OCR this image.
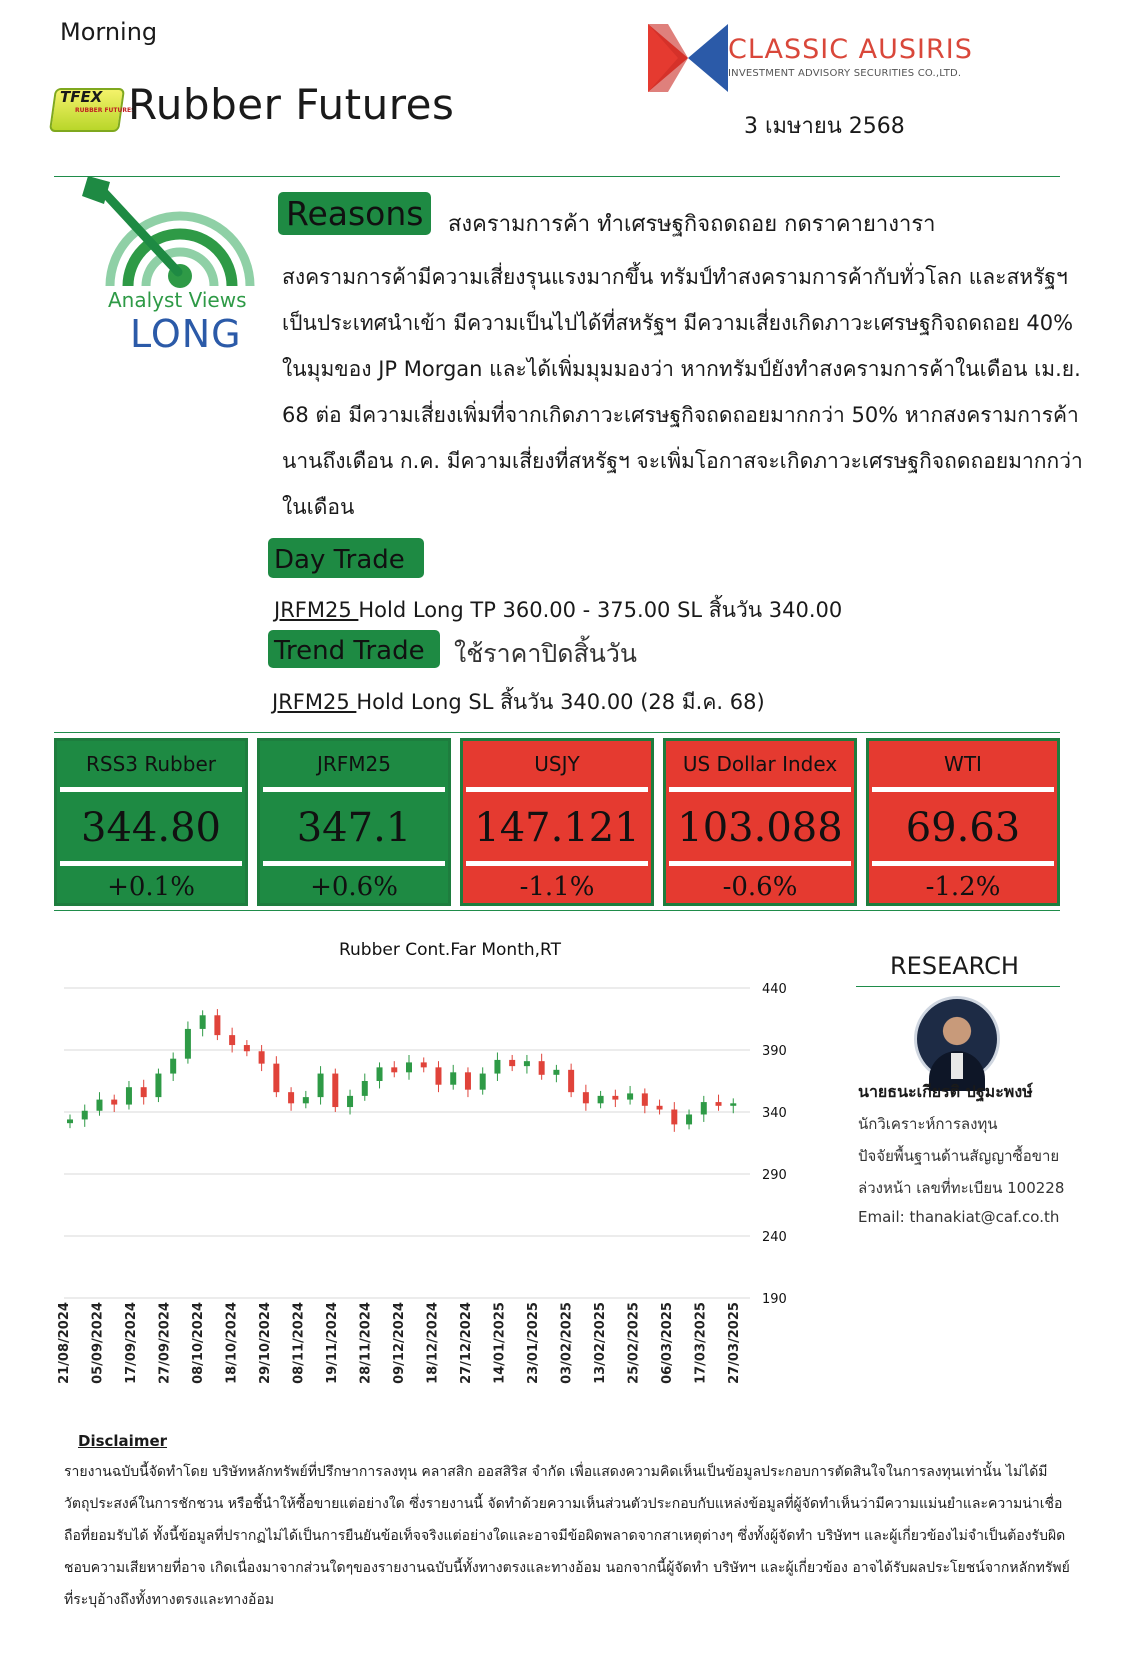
Morning
TFEX
RUBBER FUTURES
Rubber Futures
CLASSIC AUSIRIS
INVESTMENT ADVISORY SECURITIES CO.,LTD.
3 เมษายน 2568
Analyst Views
LONG
Reasons	สงครามการค้า ทำเศรษฐกิจถดถอย กดราคายางารา
สงครามการค้ามีความเสี่ยงรุนแรงมากขึ้น ทรัมป์ทำสงครามการค้ากับทั่วโลก และสหรัฐฯ เป็นประเทศนำเข้า มีความเป็นไปได้ที่สหรัฐฯ มีความเสี่ยงเกิดภาวะเศรษฐกิจถดถอย 40% ในมุมของ JP Morgan และได้เพิ่มมุมมองว่า หากทรัมป์ยังทำสงครามการค้าในเดือน เม.ย. 68 ต่อ มีความเสี่ยงเพิ่มที่จากเกิดภาวะเศรษฐกิจถดถอยมากกว่า 50% หากสงครามการค้านานถึงเดือน ก.ค. มีความเสี่ยงที่สหรัฐฯ จะเพิ่มโอกาสจะเกิดภาวะเศรษฐกิจถดถอยมากกว่าในเดือน
Day Trade
JRFM25 Hold Long TP 360.00 - 375.00 SL สิ้นวัน 340.00
Trend Trade	ใช้ราคาปิดสิ้นวัน
JRFM25 Hold Long SL สิ้นวัน 340.00 (28 มี.ค. 68)
RSS3 Rubber
344.80
+0.1%
JRFM25
347.1
+0.6%
USJY
147.121
-1.1%
US Dollar Index
103.088
-0.6%
WTI
69.63
-1.2%
Rubber Cont.Far Month,RT
190
240
290
340
390
440
21/08/2024 05/09/2024 17/09/2024 27/09/2024 08/10/2024 18/10/2024 29/10/2024 08/11/2024 19/11/2024 28/11/2024 09/12/2024 18/12/2024 27/12/2024 14/01/2025 23/01/2025 03/02/2025 13/02/2025 25/02/2025 06/03/2025 17/03/2025 27/03/2025
RESEARCH
นายธนะเกียรติ ปฐมะพงษ์
นักวิเคราะห์การลงทุน
ปัจจัยพื้นฐานด้านสัญญาซื้อขาย
ล่วงหน้า เลขที่ทะเบียน 100228
Email: thanakiat@caf.co.th
Disclaimer
รายงานฉบับนี้จัดทำโดย บริษัทหลักทรัพย์ที่ปรึกษาการลงทุน คลาสสิก ออสสิริส จำกัด เพื่อแสดงความคิดเห็นเป็นข้อมูลประกอบการตัดสินใจในการลงทุนเท่านั้น ไม่ได้มีวัตถุประสงค์ในการชักชวน หรือชี้นำให้ซื้อขายแต่อย่างใด ซึ่งรายงานนี้ จัดทำด้วยความเห็นส่วนตัวประกอบกับแหล่งข้อมูลที่ผู้จัดทำเห็นว่ามีความแม่นยำและความน่าเชื่อถือที่ยอมรับได้ ทั้งนี้ข้อมูลที่ปรากฏไม่ได้เป็นการยืนยันข้อเท็จจริงแต่อย่างใดและอาจมีข้อผิดพลาดจากสาเหตุต่างๆ ซึ่งทั้งผู้จัดทำ บริษัทฯ และผู้เกี่ยวข้องไม่จำเป็นต้องรับผิดชอบความเสียหายที่อาจ เกิดเนื่องมาจากส่วนใดๆของรายงานฉบับนี้ทั้งทางตรงและทางอ้อม นอกจากนี้ผู้จัดทำ บริษัทฯ และผู้เกี่ยวข้อง อาจได้รับผลประโยชน์จากหลักทรัพย์ที่ระบุอ้างถึงทั้งทางตรงและทางอ้อม
